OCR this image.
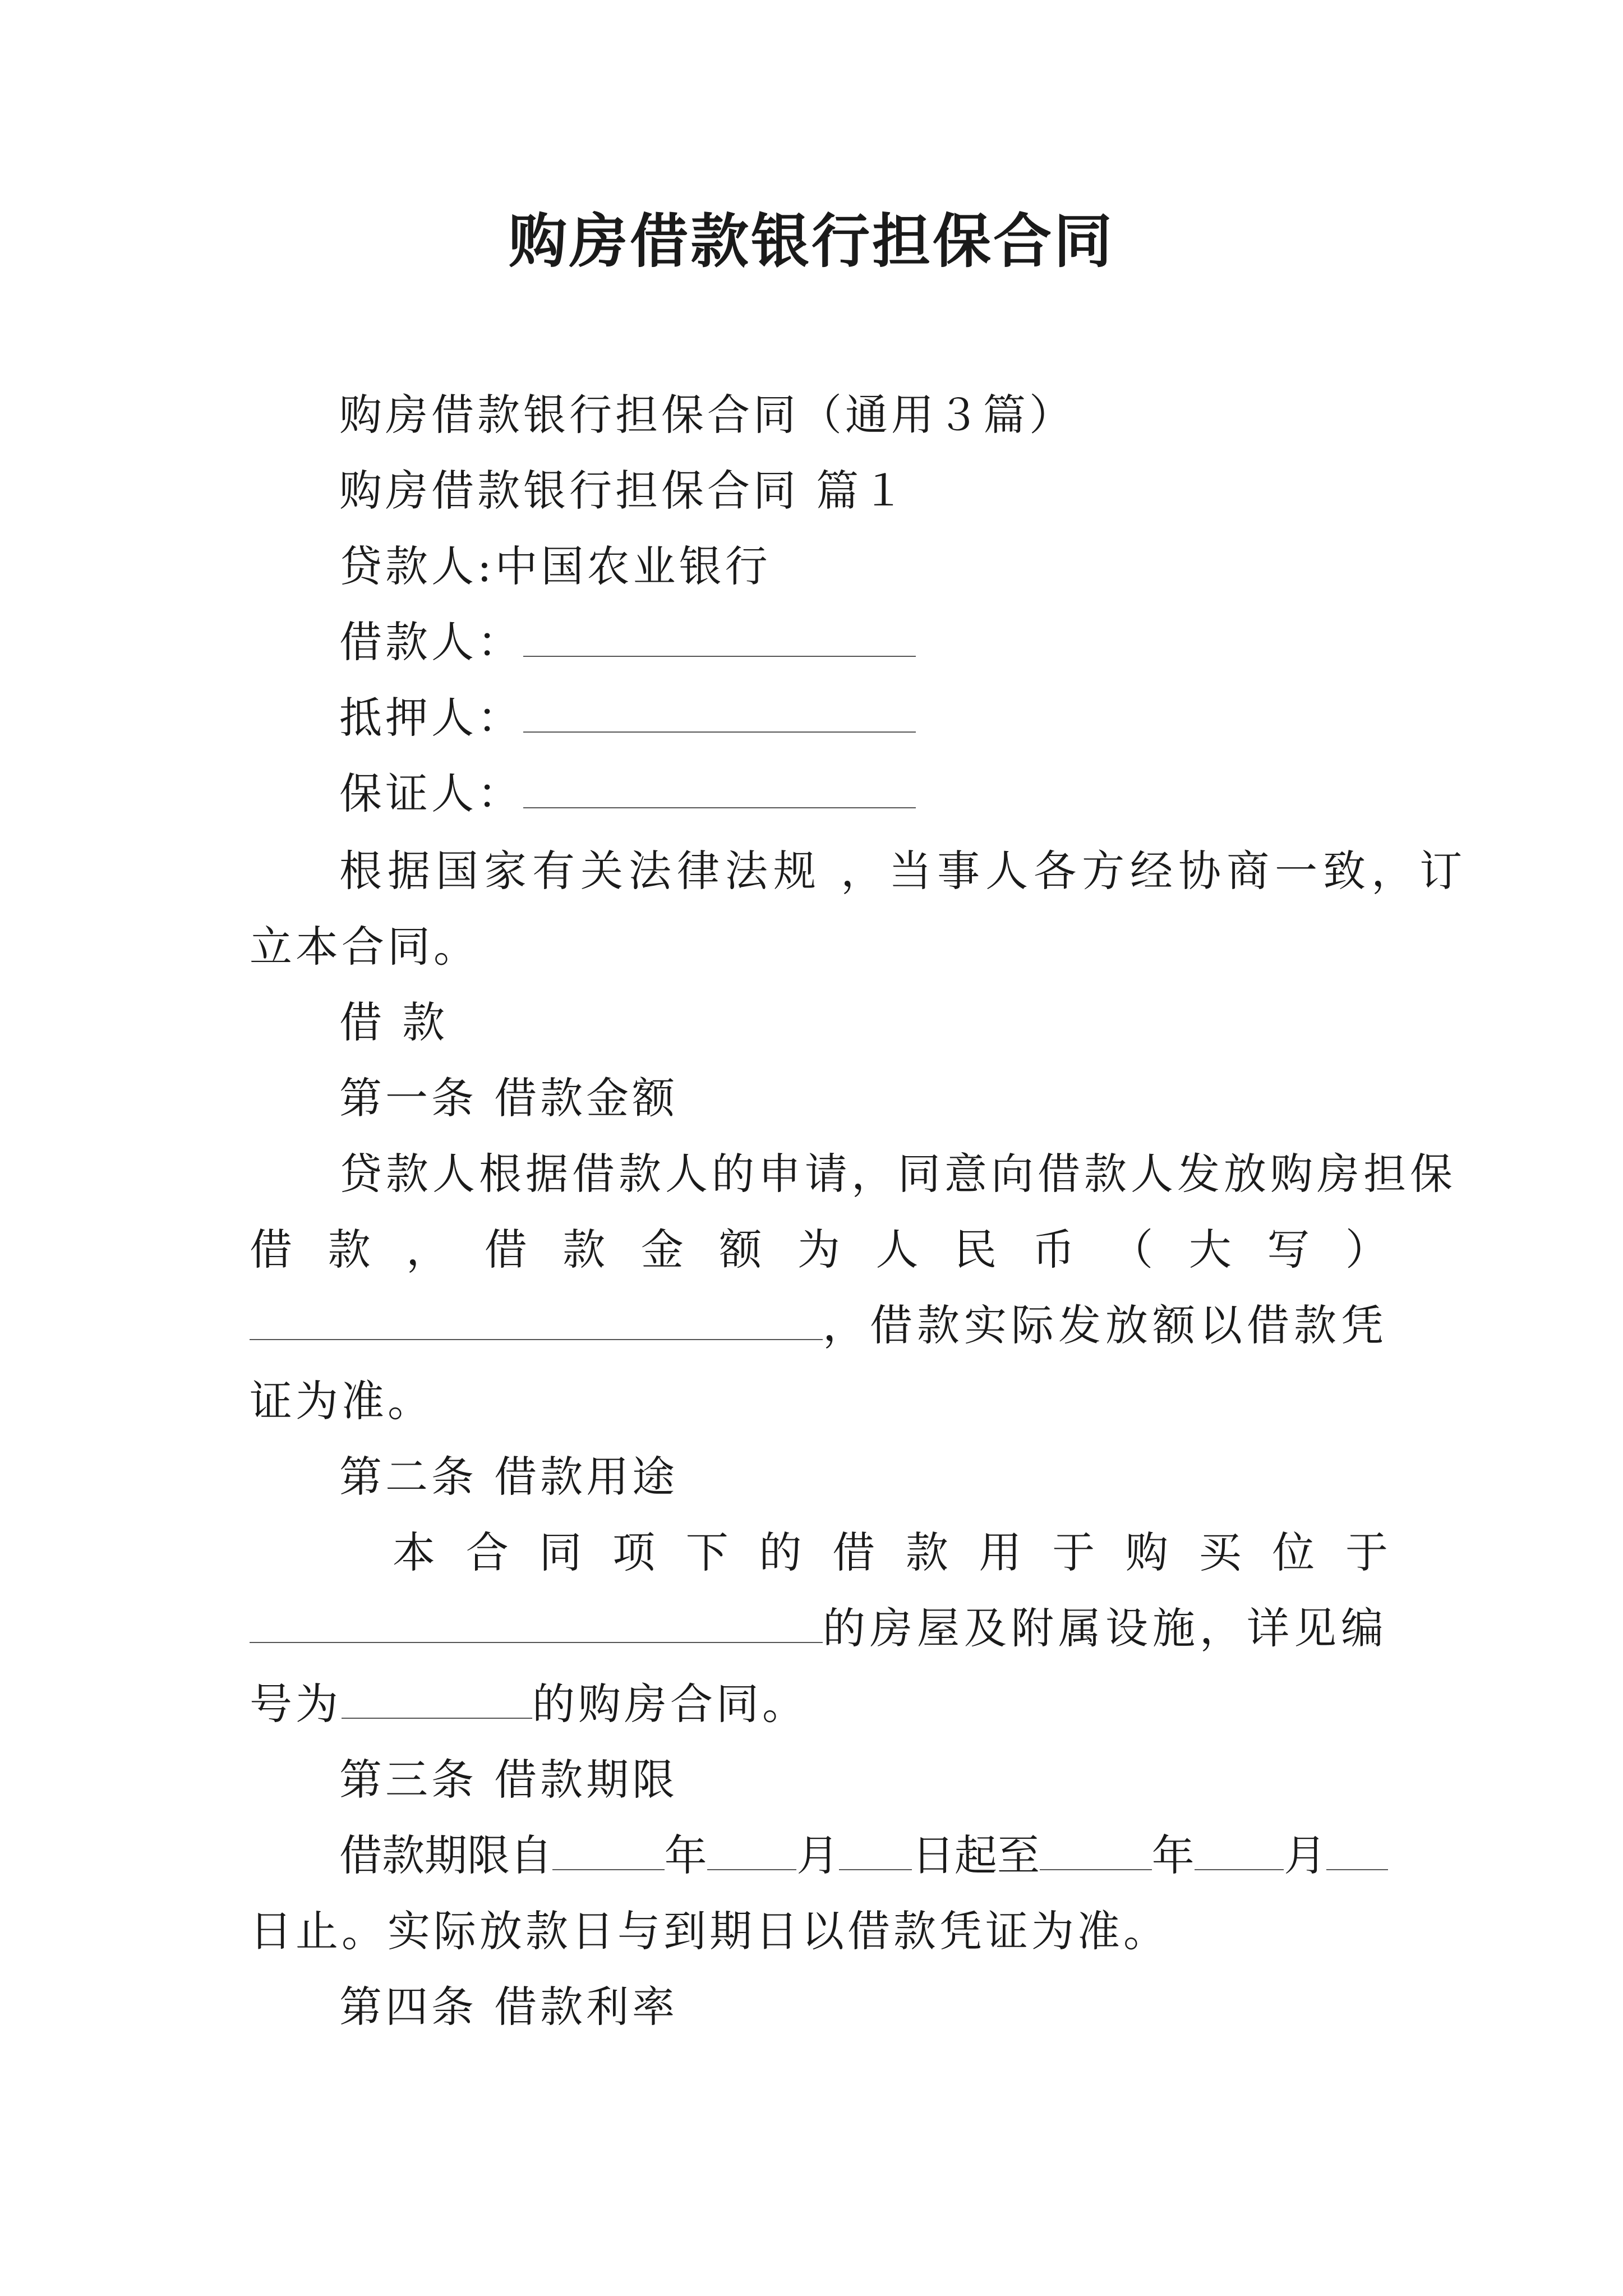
购房借款银行担保合同
购房借款银行担保合同（通用３篇）
购房借款银行担保合同 篇１
贷款人:中国农业银行
借款人：
抵押人：
保证人：
根据国家有关法律法规 ，当事人各方经协商一致，订
立本合同。
借 款
第一条 借款金额
贷款人根据借款人的申请，同意向借款人发放购房担保
借 款 ， 借 款 金 额 为 人 民 币 （ 大 写 ）
，借款实际发放额以借款凭
证为准。
第二条 借款用途
本 合 同 项 下 的 借 款 用 于 购 买 位 于
的房屋及附属设施，详见编
号为	的购房合同。
第三条 借款期限
借款期限自	年 月 日起至	年 月
日止。实际放款日与到期日以借款凭证为准。
第四条 借款利率
